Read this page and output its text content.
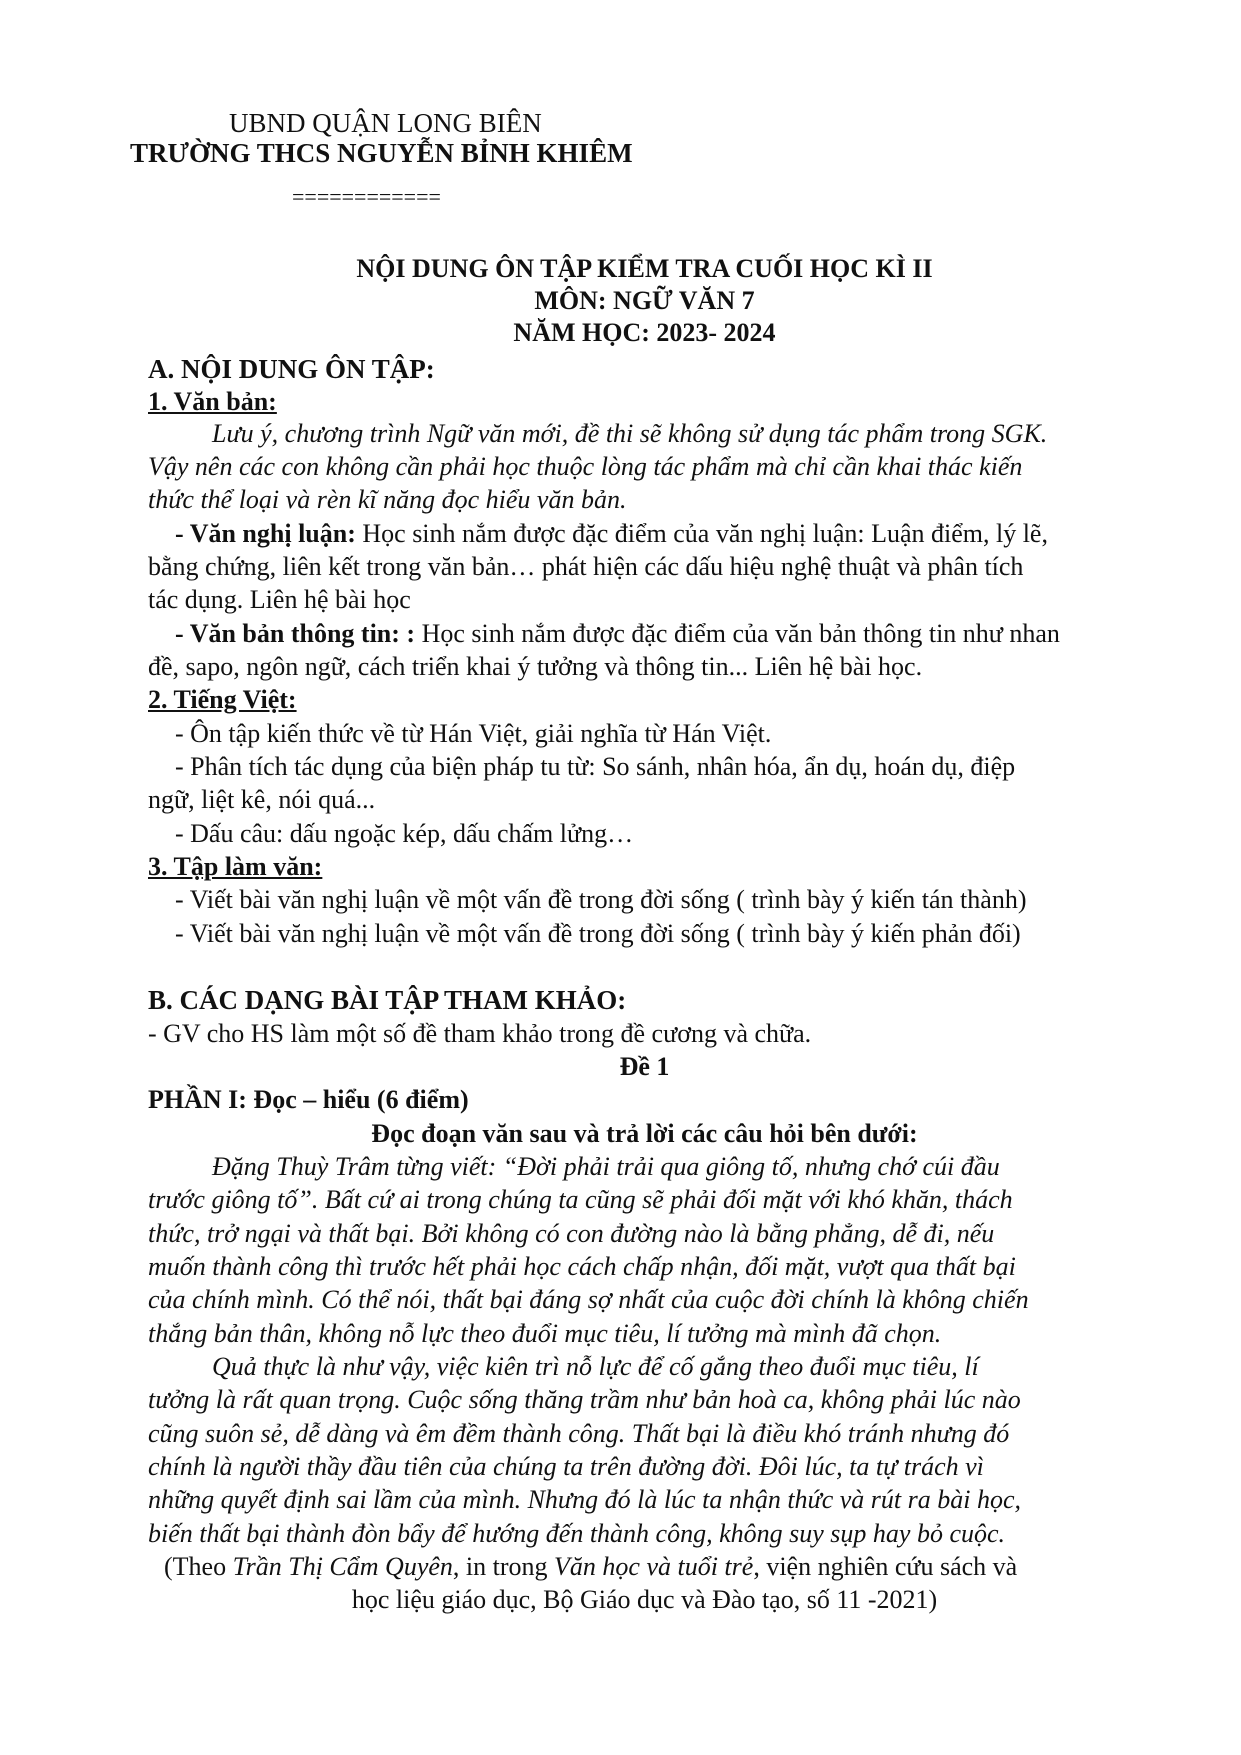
UBND QUẬN LONG BIÊN
TRƯỜNG THCS NGUYỄN BỈNH KHIÊM
============
NỘI DUNG ÔN TẬP KIỂM TRA CUỐI HỌC KÌ II
MÔN: NGỮ VĂN 7
NĂM HỌC: 2023- 2024
A. NỘI DUNG ÔN TẬP:
1. Văn bản:
Lưu ý, chương trình Ngữ văn mới, đề thi sẽ không sử dụng tác phẩm trong SGK.
Vậy nên các con không cần phải học thuộc lòng tác phẩm mà chỉ cần khai thác kiến
thức thể loại và rèn kĩ năng đọc hiểu văn bản.
- Văn nghị luận: Học sinh nắm được đặc điểm của văn nghị luận: Luận điểm, lý lẽ,
bằng chứng, liên kết trong văn bản… phát hiện các dấu hiệu nghệ thuật và phân tích
tác dụng. Liên hệ bài học
- Văn bản thông tin: : Học sinh nắm được đặc điểm của văn bản thông tin như nhan
đề, sapo, ngôn ngữ, cách triển khai ý tưởng và thông tin... Liên hệ bài học.
2. Tiếng Việt:
- Ôn tập kiến thức về từ Hán Việt, giải nghĩa từ Hán Việt.
- Phân tích tác dụng của biện pháp tu từ: So sánh, nhân hóa, ẩn dụ, hoán dụ, điệp
ngữ, liệt kê, nói quá...
- Dấu câu: dấu ngoặc kép, dấu chấm lửng…
3. Tập làm văn:
- Viết bài văn nghị luận về một vấn đề trong đời sống ( trình bày ý kiến tán thành)
- Viết bài văn nghị luận về một vấn đề trong đời sống ( trình bày ý kiến phản đối)
B. CÁC DẠNG BÀI TẬP THAM KHẢO:
- GV cho HS làm một số đề tham khảo trong đề cương và chữa.
Đề 1
PHẦN I: Đọc – hiểu (6 điểm)
Đọc đoạn văn sau và trả lời các câu hỏi bên dưới:
Đặng Thuỳ Trâm từng viết: “Đời phải trải qua giông tố, nhưng chớ cúi đầu
trước giông tố”. Bất cứ ai trong chúng ta cũng sẽ phải đối mặt với khó khăn, thách
thức, trở ngại và thất bại. Bởi không có con đường nào là bằng phẳng, dễ đi, nếu
muốn thành công thì trước hết phải học cách chấp nhận, đối mặt, vượt qua thất bại
của chính mình. Có thể nói, thất bại đáng sợ nhất của cuộc đời chính là không chiến
thắng bản thân, không nỗ lực theo đuổi mục tiêu, lí tưởng mà mình đã chọn.
Quả thực là như vậy, việc kiên trì nỗ lực để cố gắng theo đuổi mục tiêu, lí
tưởng là rất quan trọng. Cuộc sống thăng trầm như bản hoà ca, không phải lúc nào
cũng suôn sẻ, dễ dàng và êm đềm thành công. Thất bại là điều khó tránh nhưng đó
chính là người thầy đầu tiên của chúng ta trên đường đời. Đôi lúc, ta tự trách vì
những quyết định sai lầm của mình. Nhưng đó là lúc ta nhận thức và rút ra bài học,
biến thất bại thành đòn bẩy để hướng đến thành công, không suy sụp hay bỏ cuộc.
(Theo Trần Thị Cẩm Quyên, in trong Văn học và tuổi trẻ, viện nghiên cứu sách và
học liệu giáo dục, Bộ Giáo dục và Đào tạo, số 11 -2021)
